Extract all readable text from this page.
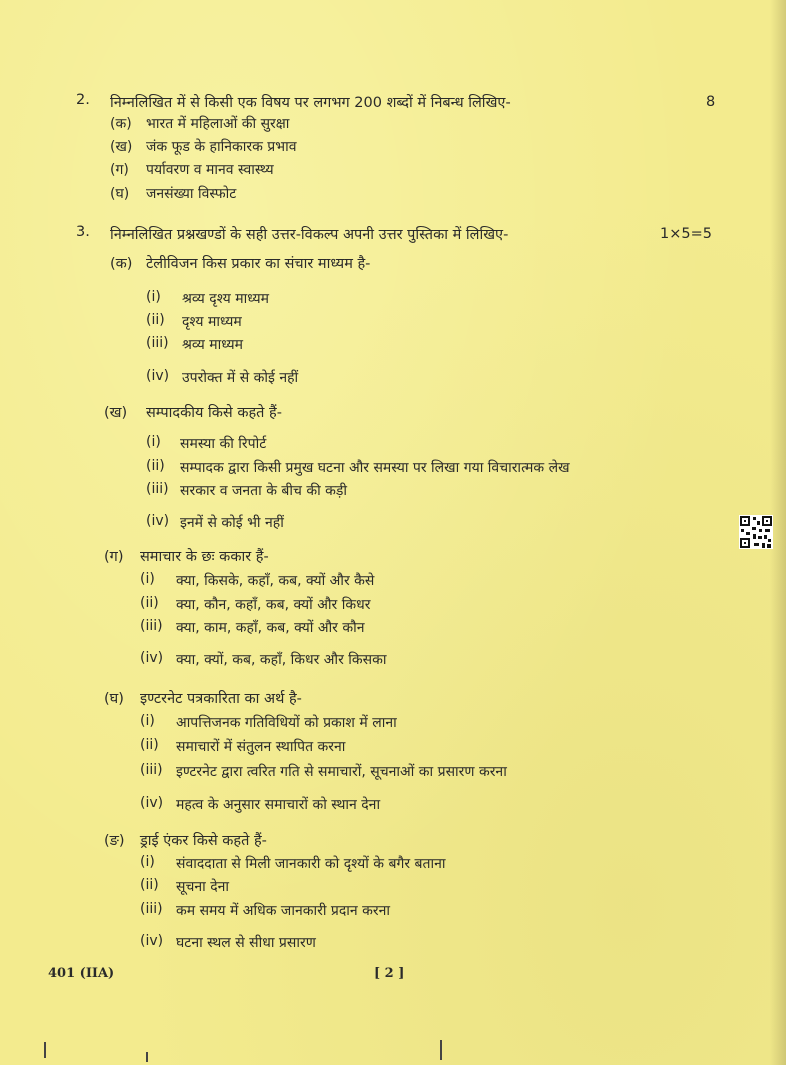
2. निम्नलिखित में से किसी एक विषय पर लगभग 200 शब्दों में निबन्ध लिखिए-	8
(क) भारत में महिलाओं की सुरक्षा
(ख) जंक फूड के हानिकारक प्रभाव
(ग) पर्यावरण व मानव स्वास्थ्य
(घ) जनसंख्या विस्फोट
3. निम्नलिखित प्रश्नखण्डों के सही उत्तर-विकल्प अपनी उत्तर पुस्तिका में लिखिए-	1×5=5
(क) टेलीविजन किस प्रकार का संचार माध्यम है-
(i) श्रव्य दृश्य माध्यम
(ii) दृश्य माध्यम
(iii) श्रव्य माध्यम
(iv) उपरोक्त में से कोई नहीं
(ख) सम्पादकीय किसे कहते हैं-
(i) समस्या की रिपोर्ट
(ii) सम्पादक द्वारा किसी प्रमुख घटना और समस्या पर लिखा गया विचारात्मक लेख
(iii) सरकार व जनता के बीच की कड़ी
(iv) इनमें से कोई भी नहीं
(ग) समाचार के छः ककार हैं-
(i) क्या, किसके, कहाँ, कब, क्यों और कैसे
(ii) क्या, कौन, कहाँ, कब, क्यों और किधर
(iii) क्या, काम, कहाँ, कब, क्यों और कौन
(iv) क्या, क्यों, कब, कहाँ, किधर और किसका
(घ) इण्टरनेट पत्रकारिता का अर्थ है-
(i) आपत्तिजनक गतिविधियों को प्रकाश में लाना
(ii) समाचारों में संतुलन स्थापित करना
(iii) इण्टरनेट द्वारा त्वरित गति से समाचारों, सूचनाओं का प्रसारण करना
(iv) महत्व के अनुसार समाचारों को स्थान देना
(ङ) ड्राई एंकर किसे कहते हैं-
(i) संवाददाता से मिली जानकारी को दृश्यों के बगैर बताना
(ii) सूचना देना
(iii) कम समय में अधिक जानकारी प्रदान करना
(iv) घटना स्थल से सीधा प्रसारण
401 (IIA)	[ 2 ]
